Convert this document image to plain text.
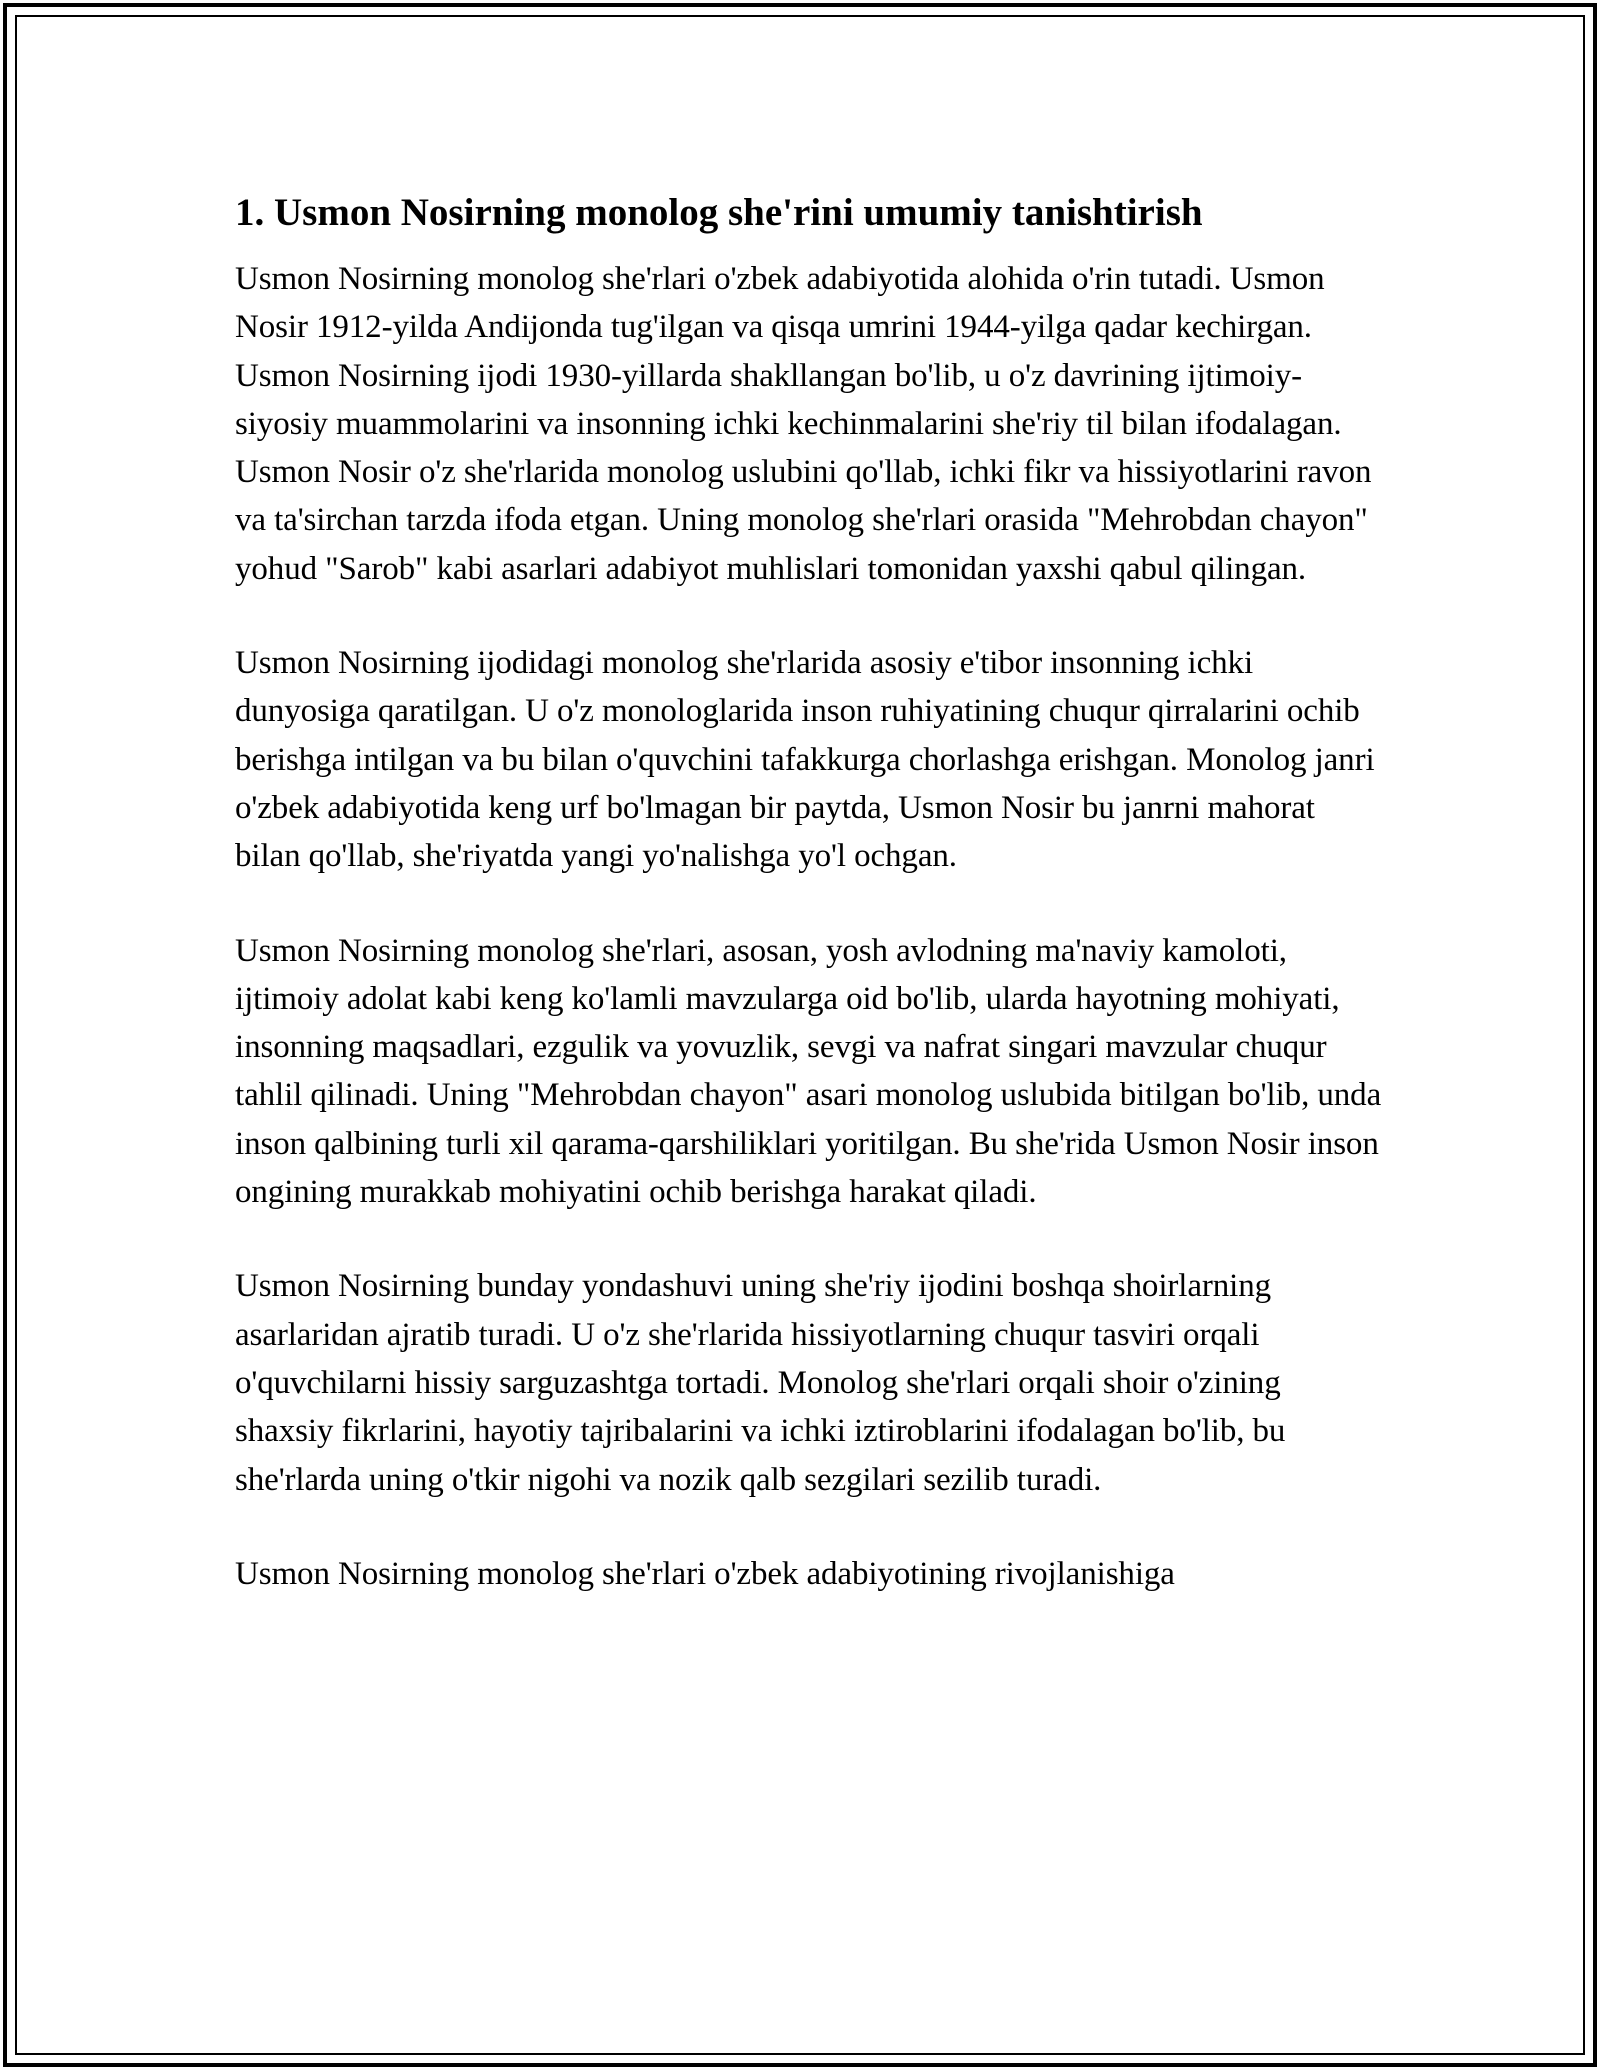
1. Usmon Nosirning monolog she'rini umumiy tanishtirish

Usmon Nosirning monolog she'rlari o'zbek adabiyotida alohida o'rin tutadi. Usmon Nosir 1912-yilda Andijonda tug'ilgan va qisqa umrini 1944-yilga qadar kechirgan. Usmon Nosirning ijodi 1930-yillarda shakllangan bo'lib, u o'z davrining ijtimoiy-siyosiy muammolarini va insonning ichki kechinmalarini she'riy til bilan ifodalagan. Usmon Nosir o'z she'rlarida monolog uslubini qo'llab, ichki fikr va hissiyotlarini ravon va ta'sirchan tarzda ifoda etgan. Uning monolog she'rlari orasida "Mehrobdan chayon" yohud "Sarob" kabi asarlari adabiyot muhlislari tomonidan yaxshi qabul qilingan.

Usmon Nosirning ijodidagi monolog she'rlarida asosiy e'tibor insonning ichki dunyosiga qaratilgan. U o'z monologlarida inson ruhiyatining chuqur qirralarini ochib berishga intilgan va bu bilan o'quvchini tafakkurga chorlashga erishgan. Monolog janri o'zbek adabiyotida keng urf bo'lmagan bir paytda, Usmon Nosir bu janrni mahorat bilan qo'llab, she'riyatda yangi yo'nalishga yo'l ochgan.

Usmon Nosirning monolog she'rlari, asosan, yosh avlodning ma'naviy kamoloti, ijtimoiy adolat kabi keng ko'lamli mavzularga oid bo'lib, ularda hayotning mohiyati, insonning maqsadlari, ezgulik va yovuzlik, sevgi va nafrat singari mavzular chuqur tahlil qilinadi. Uning "Mehrobdan chayon" asari monolog uslubida bitilgan bo'lib, unda inson qalbining turli xil qarama-qarshiliklari yoritilgan. Bu she'rida Usmon Nosir inson ongining murakkab mohiyatini ochib berishga harakat qiladi.

Usmon Nosirning bunday yondashuvi uning she'riy ijodini boshqa shoirlarning asarlaridan ajratib turadi. U o'z she'rlarida hissiyotlarning chuqur tasviri orqali o'quvchilarni hissiy sarguzashtga tortadi. Monolog she'rlari orqali shoir o'zining shaxsiy fikrlarini, hayotiy tajribalarini va ichki iztiroblarini ifodalagan bo'lib, bu she'rlarda uning o'tkir nigohi va nozik qalb sezgilari sezilib turadi.

Usmon Nosirning monolog she'rlari o'zbek adabiyotining rivojlanishiga
